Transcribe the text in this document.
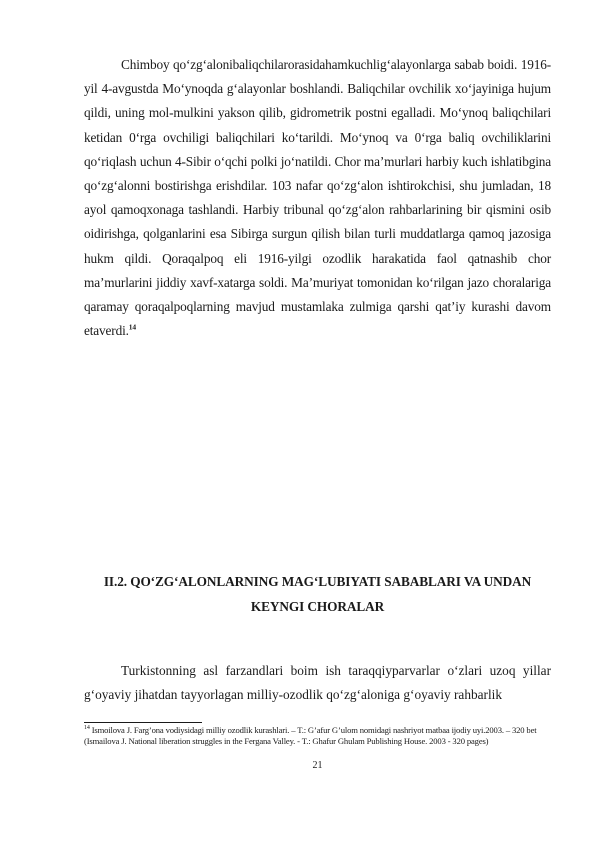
Chimboy qo‘zg‘alonibaliqchilarorasidahamkuchlig‘alayonlarga sabab boidi. 1916-yil 4-avgustda Mo‘ynoqda g‘alayonlar boshlandi. Baliqchilar ovchilik xo‘jayiniga hujum qildi, uning mol-mulkini yakson qilib, gidrometrik postni egalladi. Mo‘ynoq baliqchilari ketidan 0‘rga ovchiligi baliqchilari ko‘tarildi. Mo‘ynoq va 0‘rga baliq ovchiliklarini qo‘riqlash uchun 4-Sibir o‘qchi polki jo‘natildi. Chor ma’murlari harbiy kuch ishlatibgina qo‘zg‘alonni bostirishga erishdilar. 103 nafar qo‘zg‘alon ishtirokchisi, shu jumladan, 18 ayol qamoqxonaga tashlandi. Harbiy tribunal qo‘zg‘alon rahbarlarining bir qismini osib oidirishga, qolganlarini esa Sibirga surgun qilish bilan turli muddatlarga qamoq jazosiga hukm qildi. Qoraqalpoq eli 1916-yilgi ozodlik harakatida faol qatnashib chor ma’murlarini jiddiy xavf-xatarga soldi. Ma’muriyat tomonidan ko‘rilgan jazo choralariga qaramay qoraqalpoqlarning mavjud mustamlaka zulmiga qarshi qat’iy kurashi davom etaverdi.$^{14}$

II.2. QO‘ZG‘ALONLARNING MAG‘LUBIYATI SABABLARI VA UNDAN KEYNGI CHORALAR

Turkistonning asl farzandlari boim ish taraqqiyparvarlar o‘zlari uzoq yillar g‘oyaviy jihatdan tayyorlagan milliy-ozodlik qo‘zg‘aloniga g‘oyaviy rahbarlik

$^{14}$ Ismoilova J. Farg’ona vodiysidagi milliy ozodlik kurashlari. – T.: G’afur G’ulom nomidagi nashriyot matbaa ijodiy uyi.2003. – 320 bet (Ismailova J. National liberation struggles in the Fergana Valley. - T.: Ghafur Ghulam Publishing House. 2003 - 320 pages)

21
